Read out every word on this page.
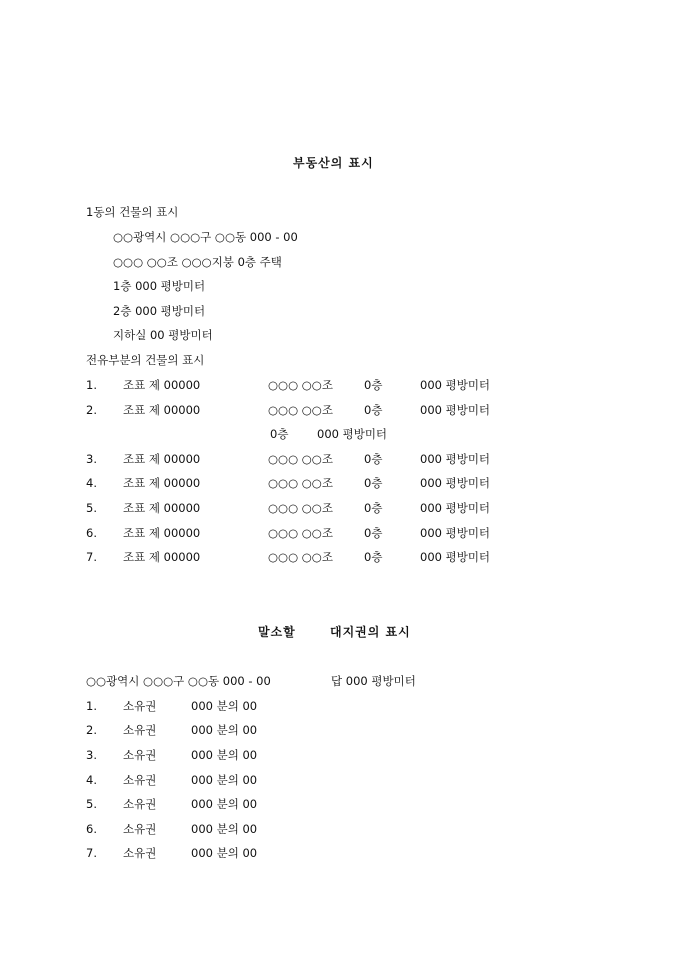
부동산의 표시
1동의 건물의 표시
○○광역시 ○○○구 ○○동 000 - 00
○○○ ○○조 ○○○지붕 0층 주택
1층 000 평방미터
2층 000 평방미터
지하실 00 평방미터
전유부분의 건물의 표시
1. 조표 제 00000	○○○ ○○조	0층	000 평방미터
2. 조표 제 00000	○○○ ○○조	0층	000 평방미터
0층 000 평방미터
3. 조표 제 00000	○○○ ○○조	0층	000 평방미터
4. 조표 제 00000	○○○ ○○조	0층	000 평방미터
5. 조표 제 00000	○○○ ○○조	0층	000 평방미터
6. 조표 제 00000	○○○ ○○조	0층	000 평방미터
7. 조표 제 00000	○○○ ○○조	0층	000 평방미터
말소할	대지권의 표시
○○광역시 ○○○구 ○○동 000 - 00	답 000 평방미터
1. 소유권	000 분의 00
2. 소유권	000 분의 00
3. 소유권	000 분의 00
4. 소유권	000 분의 00
5. 소유권	000 분의 00
6. 소유권	000 분의 00
7. 소유권	000 분의 00
